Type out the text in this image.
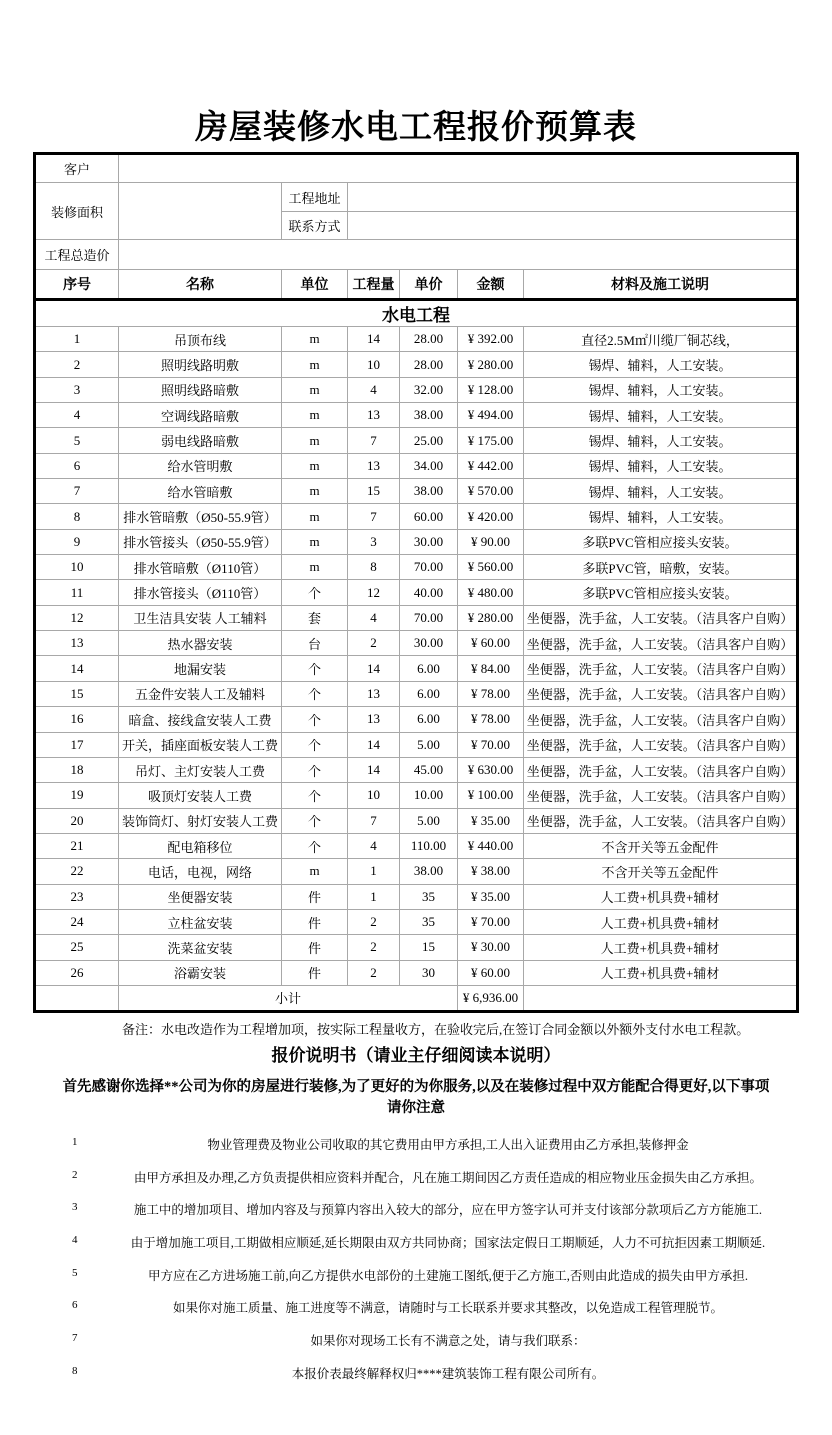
房屋装修水电工程报价预算表
客户						
装修面积		工程地址				
		联系方式				
工程总造价						
序号	名称	单位	工程量	单价	金额	材料及施工说明
水电工程						
1	吊顶布线	m	14	28.00	¥ 392.00	直径2.5M㎡川缆厂铜芯线，
2	照明线路明敷	m	10	28.00	¥ 280.00	锡焊、辅料，人工安装。
3	照明线路暗敷	m	4	32.00	¥ 128.00	锡焊、辅料，人工安装。
4	空调线路暗敷	m	13	38.00	¥ 494.00	锡焊、辅料，人工安装。
5	弱电线路暗敷	m	7	25.00	¥ 175.00	锡焊、辅料，人工安装。
6	给水管明敷	m	13	34.00	¥ 442.00	锡焊、辅料，人工安装。
7	给水管暗敷	m	15	38.00	¥ 570.00	锡焊、辅料，人工安装。
8	排水管暗敷（Ø50-55.9管）	m	7	60.00	¥ 420.00	锡焊、辅料，人工安装。
9	排水管接头（Ø50-55.9管）	m	3	30.00	¥ 90.00	多联PVC管相应接头安装。
10	排水管暗敷（Ø110管）	m	8	70.00	¥ 560.00	多联PVC管，暗敷，安装。
11	排水管接头（Ø110管）	个	12	40.00	¥ 480.00	多联PVC管相应接头安装。
12	卫生洁具安装 人工辅料	套	4	70.00	¥ 280.00	坐便器，洗手盆，人工安装。（洁具客户自购）
13	热水器安装	台	2	30.00	¥ 60.00	坐便器，洗手盆，人工安装。（洁具客户自购）
14	地漏安装	个	14	6.00	¥ 84.00	坐便器，洗手盆，人工安装。（洁具客户自购）
15	五金件安装人工及辅料	个	13	6.00	¥ 78.00	坐便器，洗手盆，人工安装。（洁具客户自购）
16	暗盒、接线盒安装人工费	个	13	6.00	¥ 78.00	坐便器，洗手盆，人工安装。（洁具客户自购）
17	开关，插座面板安装人工费	个	14	5.00	¥ 70.00	坐便器，洗手盆，人工安装。（洁具客户自购）
18	吊灯、主灯安装人工费	个	14	45.00	¥ 630.00	坐便器，洗手盆，人工安装。（洁具客户自购）
19	吸顶灯安装人工费	个	10	10.00	¥ 100.00	坐便器，洗手盆，人工安装。（洁具客户自购）
20	装饰筒灯、射灯安装人工费	个	7	5.00	¥ 35.00	坐便器，洗手盆，人工安装。（洁具客户自购）
21	配电箱移位	个	4	110.00	¥ 440.00	不含开关等五金配件
22	电话，电视，网络	m	1	38.00	¥ 38.00	不含开关等五金配件
23	坐便器安装	件	1	35	¥ 35.00	人工费+机具费+辅材
24	立柱盆安装	件	2	35	¥ 70.00	人工费+机具费+辅材
25	洗菜盆安装	件	2	15	¥ 30.00	人工费+机具费+辅材
26	浴霸安装	件	2	30	¥ 60.00	人工费+机具费+辅材
	小计				¥ 6,936.00	

备注：水电改造作为工程增加项，按实际工程量收方，在验收完后,在签订合同金额以外额外支付水电工程款。

报价说明书（请业主仔细阅读本说明）

首先感谢你选择**公司为你的房屋进行装修,为了更好的为你服务,以及在装修过程中双方能配合得更好,以下事项请你注意

1	物业管理费及物业公司收取的其它费用由甲方承担,工人出入证费用由乙方承担,装修押金
2	由甲方承担及办理,乙方负责提供相应资料并配合，凡在施工期间因乙方责任造成的相应物业压金损失由乙方承担。
3	施工中的增加项目、增加内容及与预算内容出入较大的部分，应在甲方签字认可并支付该部分款项后乙方方能施工.
4	由于增加施工项目,工期做相应顺延,延长期限由双方共同协商；国家法定假日工期顺延，人力不可抗拒因素工期顺延.
5	甲方应在乙方进场施工前,向乙方提供水电部份的土建施工图纸,便于乙方施工,否则由此造成的损失由甲方承担.
6	如果你对施工质量、施工进度等不满意，请随时与工长联系并要求其整改，以免造成工程管理脱节。
7	如果你对现场工长有不满意之处，请与我们联系：
8	本报价表最终解释权归****建筑装饰工程有限公司所有。
